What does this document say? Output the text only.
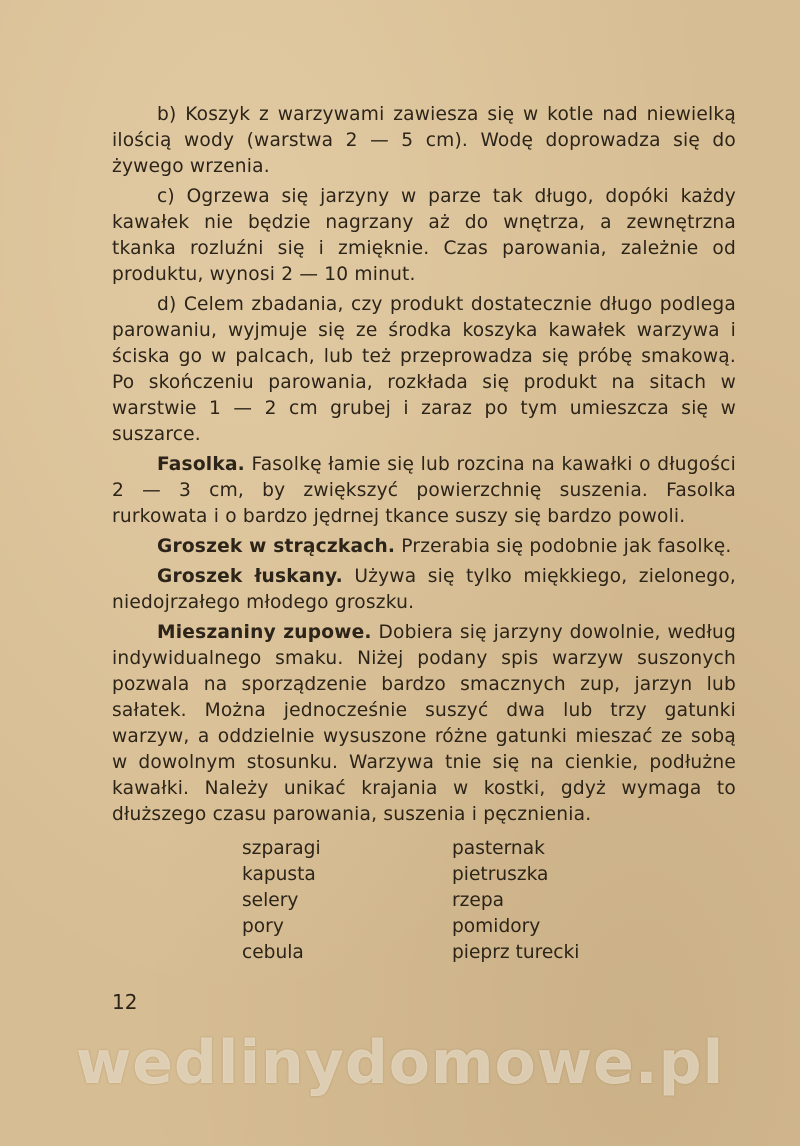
b) Koszyk z warzywami zawiesza się w kotle nad niewielką ilością wody (warstwa 2 — 5 cm). Wodę doprowadza się do żywego wrzenia.

c) Ogrzewa się jarzyny w parze tak długo, dopóki każdy kawałek nie będzie nagrzany aż do wnętrza, a zewnętrzna tkanka rozluźni się i zmięknie. Czas parowania, zależnie od produktu, wynosi 2 — 10 minut.

d) Celem zbadania, czy produkt dostatecznie długo podlega parowaniu, wyjmuje się ze środka koszyka kawałek warzywa i ściska go w palcach, lub też przeprowadza się próbę smakową. Po skończeniu parowania, rozkłada się produkt na sitach w warstwie 1 — 2 cm grubej i zaraz po tym umieszcza się w suszarce.

Fasolka. Fasolkę łamie się lub rozcina na kawałki o długości 2 — 3 cm, by zwiększyć powierzchnię suszenia. Fasolka rurkowata i o bardzo jędrnej tkance suszy się bardzo powoli.

Groszek w strączkach. Przerabia się podobnie jak fasolkę.

Groszek łuskany. Używa się tylko miękkiego, zielonego, niedojrzałego młodego groszku.

Mieszaniny zupowe. Dobiera się jarzyny dowolnie, według indywidualnego smaku. Niżej podany spis warzyw suszonych pozwala na sporządzenie bardzo smacznych zup, jarzyn lub sałatek. Można jednocześnie suszyć dwa lub trzy gatunki warzyw, a oddzielnie wysuszone różne gatunki mieszać ze sobą w dowolnym stosunku. Warzywa tnie się na cienkie, podłużne kawałki. Należy unikać krajania w kostki, gdyż wymaga to dłuższego czasu parowania, suszenia i pęcznienia.

szparagi
kapusta
selery
pory
cebula
pasternak
pietruszka
rzepa
pomidory
pieprz turecki
12
wedlinydomowe.pl
